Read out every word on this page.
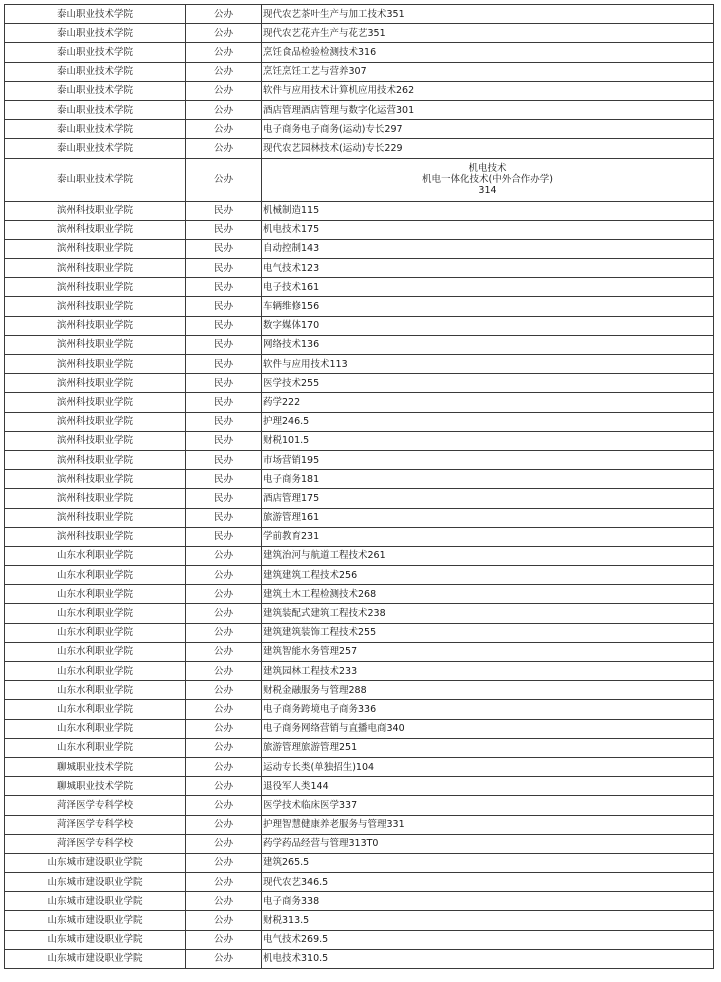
泰山职业技术学院	公办	现代农艺茶叶生产与加工技术351
泰山职业技术学院	公办	现代农艺花卉生产与花艺351
泰山职业技术学院	公办	烹饪食品检验检测技术316
泰山职业技术学院	公办	烹饪烹饪工艺与营养307
泰山职业技术学院	公办	软件与应用技术计算机应用技术262
泰山职业技术学院	公办	酒店管理酒店管理与数字化运营301
泰山职业技术学院	公办	电子商务电子商务(运动)专长297
泰山职业技术学院	公办	现代农艺园林技术(运动)专长229
泰山职业技术学院	公办	机电技术
机电一体化技术(中外合作办学)
314

滨州科技职业学院	民办	机械制造115
滨州科技职业学院	民办	机电技术175
滨州科技职业学院	民办	自动控制143
滨州科技职业学院	民办	电气技术123
滨州科技职业学院	民办	电子技术161
滨州科技职业学院	民办	车辆维修156
滨州科技职业学院	民办	数字媒体170
滨州科技职业学院	民办	网络技术136
滨州科技职业学院	民办	软件与应用技术113
滨州科技职业学院	民办	医学技术255
滨州科技职业学院	民办	药学222
滨州科技职业学院	民办	护理246.5
滨州科技职业学院	民办	财税101.5
滨州科技职业学院	民办	市场营销195
滨州科技职业学院	民办	电子商务181
滨州科技职业学院	民办	酒店管理175
滨州科技职业学院	民办	旅游管理161
滨州科技职业学院	民办	学前教育231
山东水利职业学院	公办	建筑治河与航道工程技术261
山东水利职业学院	公办	建筑建筑工程技术256
山东水利职业学院	公办	建筑土木工程检测技术268
山东水利职业学院	公办	建筑装配式建筑工程技术238
山东水利职业学院	公办	建筑建筑装饰工程技术255
山东水利职业学院	公办	建筑智能水务管理257
山东水利职业学院	公办	建筑园林工程技术233
山东水利职业学院	公办	财税金融服务与管理288
山东水利职业学院	公办	电子商务跨境电子商务336
山东水利职业学院	公办	电子商务网络营销与直播电商340
山东水利职业学院	公办	旅游管理旅游管理251
聊城职业技术学院	公办	运动专长类(单独招生)104
聊城职业技术学院	公办	退役军人类144
菏泽医学专科学校	公办	医学技术临床医学337
菏泽医学专科学校	公办	护理智慧健康养老服务与管理331
菏泽医学专科学校	公办	药学药品经营与管理313T0
山东城市建设职业学院	公办	建筑265.5
山东城市建设职业学院	公办	现代农艺346.5
山东城市建设职业学院	公办	电子商务338
山东城市建设职业学院	公办	财税313.5
山东城市建设职业学院	公办	电气技术269.5
山东城市建设职业学院	公办	机电技术310.5
